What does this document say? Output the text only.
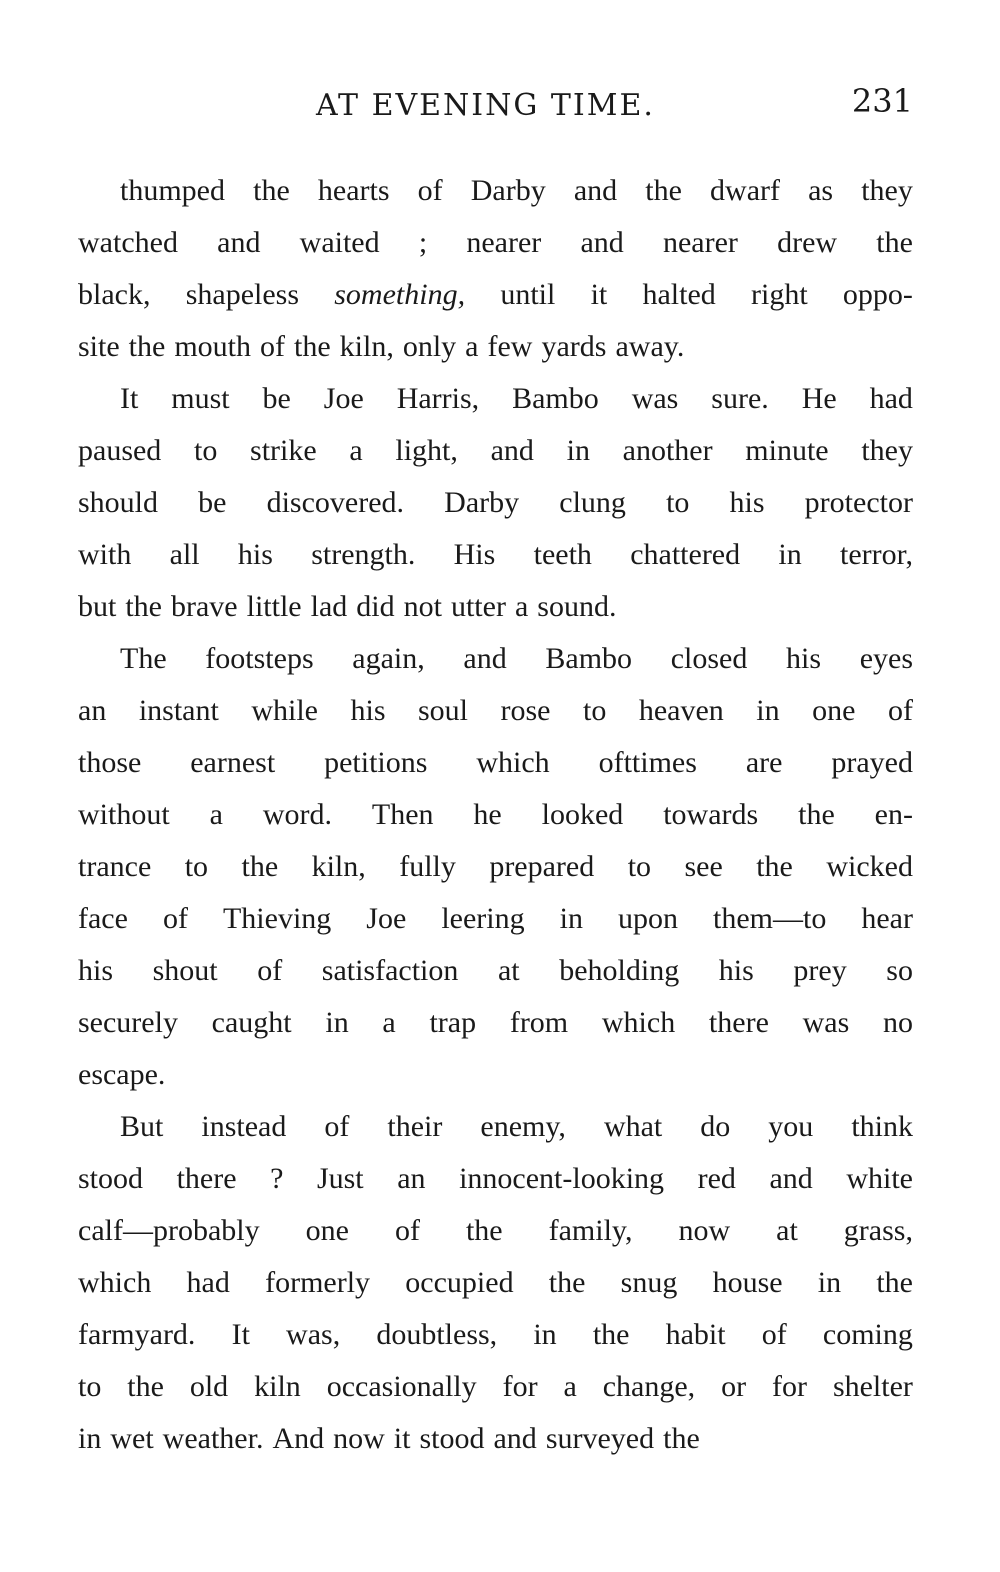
AT EVENING TIME.	231
thumped the hearts of Darby and the dwarf as they
watched and waited ; nearer and nearer drew the
black, shapeless something, until it halted right oppo-
site the mouth of the kiln, only a few yards away.
It must be Joe Harris, Bambo was sure. He had
paused to strike a light, and in another minute they
should be discovered. Darby clung to his protector
with all his strength. His teeth chattered in terror,
but the brave little lad did not utter a sound.
The footsteps again, and Bambo closed his eyes
an instant while his soul rose to heaven in one of
those earnest petitions which ofttimes are prayed
without a word. Then he looked towards the en-
trance to the kiln, fully prepared to see the wicked
face of Thieving Joe leering in upon them—to hear
his shout of satisfaction at beholding his prey so
securely caught in a trap from which there was no
escape.
But instead of their enemy, what do you think
stood there ? Just an innocent-looking red and white
calf—probably one of the family, now at grass,
which had formerly occupied the snug house in the
farmyard. It was, doubtless, in the habit of coming
to the old kiln occasionally for a change, or for shelter
in wet weather. And now it stood and surveyed the
